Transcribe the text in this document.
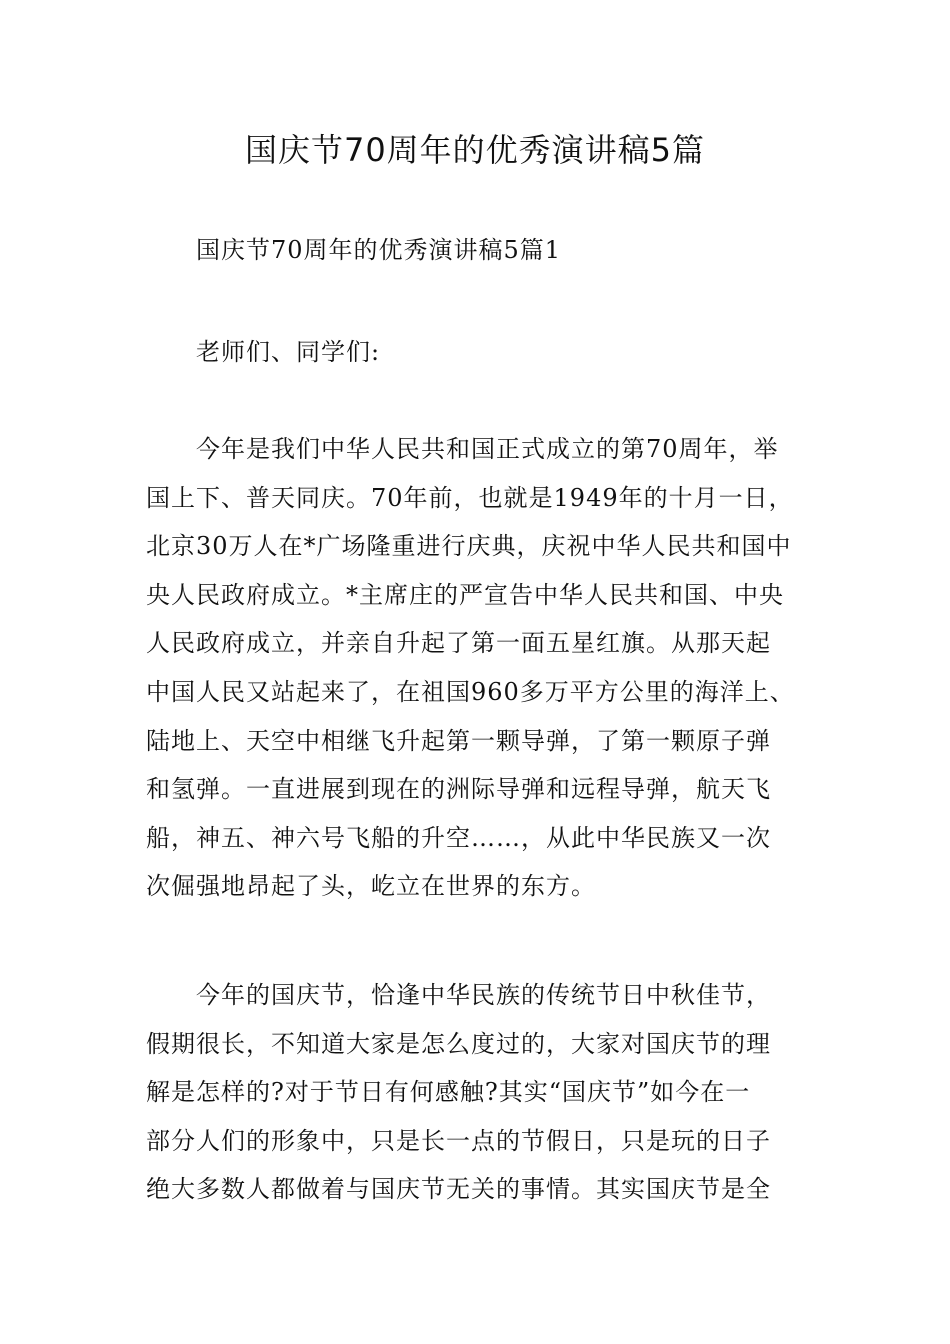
国庆节70周年的优秀演讲稿5篇

国庆节70周年的优秀演讲稿5篇1

老师们、同学们:

今年是我们中华人民共和国正式成立的第70周年，举
国上下、普天同庆。70年前，也就是1949年的十月一日，
北京30万人在*广场隆重进行庆典，庆祝中华人民共和国中
央人民政府成立。*主席庄的严宣告中华人民共和国、中央
人民政府成立，并亲自升起了第一面五星红旗。从那天起
中国人民又站起来了，在祖国960多万平方公里的海洋上、
陆地上、天空中相继飞升起第一颗导弹，了第一颗原子弹
和氢弹。一直进展到现在的洲际导弹和远程导弹，航天飞
船，神五、神六号飞船的升空……，从此中华民族又一次
次倔强地昂起了头，屹立在世界的东方。
今年的国庆节，恰逢中华民族的传统节日中秋佳节，
假期很长，不知道大家是怎么度过的，大家对国庆节的理
解是怎样的?对于节日有何感触?其实“国庆节”如今在一
部分人们的形象中，只是长一点的节假日，只是玩的日子
绝大多数人都做着与国庆节无关的事情。其实国庆节是全
